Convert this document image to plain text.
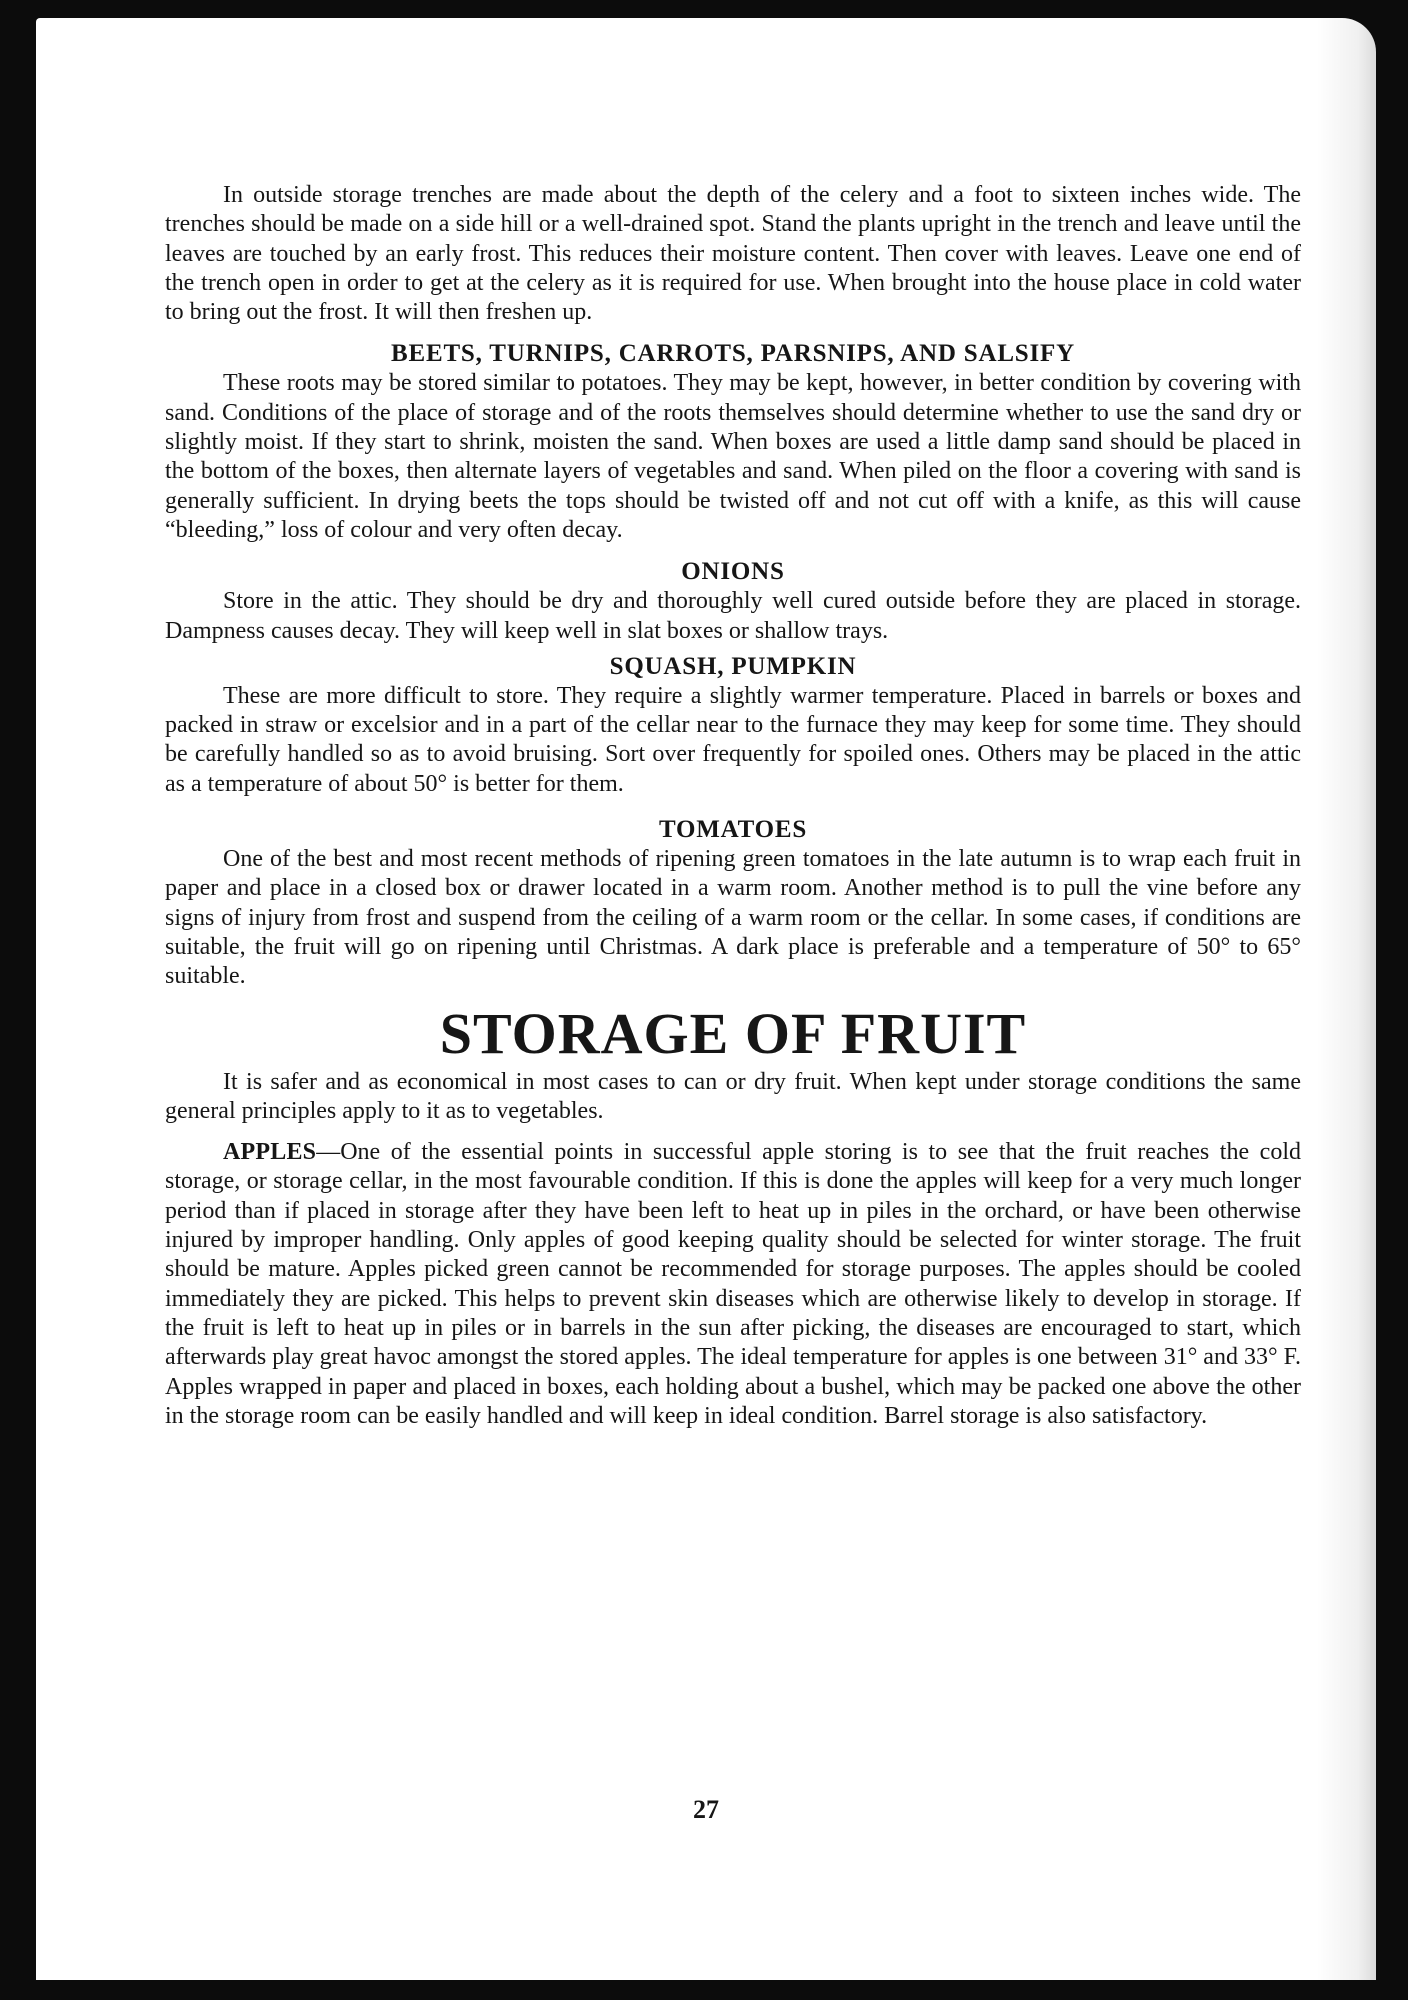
In outside storage trenches are made about the depth of the celery and a foot to sixteen inches wide. The trenches should be made on a side hill or a well-drained spot. Stand the plants upright in the trench and leave until the leaves are touched by an early frost. This reduces their moisture content. Then cover with leaves. Leave one end of the trench open in order to get at the celery as it is required for use. When brought into the house place in cold water to bring out the frost. It will then freshen up.

BEETS, TURNIPS, CARROTS, PARSNIPS, AND SALSIFY

These roots may be stored similar to potatoes. They may be kept, however, in better condition by covering with sand. Conditions of the place of storage and of the roots themselves should determine whether to use the sand dry or slightly moist. If they start to shrink, moisten the sand. When boxes are used a little damp sand should be placed in the bottom of the boxes, then alternate layers of vegetables and sand. When piled on the floor a covering with sand is generally sufficient. In drying beets the tops should be twisted off and not cut off with a knife, as this will cause “bleeding,” loss of colour and very often decay.

ONIONS

Store in the attic. They should be dry and thoroughly well cured outside before they are placed in storage. Dampness causes decay. They will keep well in slat boxes or shallow trays.

SQUASH, PUMPKIN

These are more difficult to store. They require a slightly warmer temperature. Placed in barrels or boxes and packed in straw or excelsior and in a part of the cellar near to the furnace they may keep for some time. They should be carefully handled so as to avoid bruising. Sort over frequently for spoiled ones. Others may be placed in the attic as a temperature of about 50° is better for them.

TOMATOES

One of the best and most recent methods of ripening green tomatoes in the late autumn is to wrap each fruit in paper and place in a closed box or drawer located in a warm room. Another method is to pull the vine before any signs of injury from frost and suspend from the ceiling of a warm room or the cellar. In some cases, if conditions are suitable, the fruit will go on ripening until Christmas. A dark place is preferable and a temperature of 50° to 65° suitable.

STORAGE OF FRUIT

It is safer and as economical in most cases to can or dry fruit. When kept under storage conditions the same general principles apply to it as to vegetables.

APPLES—One of the essential points in successful apple storing is to see that the fruit reaches the cold storage, or storage cellar, in the most favourable condition. If this is done the apples will keep for a very much longer period than if placed in storage after they have been left to heat up in piles in the orchard, or have been otherwise injured by improper handling. Only apples of good keeping quality should be selected for winter storage. The fruit should be mature. Apples picked green cannot be recommended for storage purposes. The apples should be cooled immediately they are picked. This helps to prevent skin diseases which are otherwise likely to develop in storage. If the fruit is left to heat up in piles or in barrels in the sun after picking, the diseases are encouraged to start, which afterwards play great havoc amongst the stored apples. The ideal temperature for apples is one between 31° and 33° F. Apples wrapped in paper and placed in boxes, each holding about a bushel, which may be packed one above the other in the storage room can be easily handled and will keep in ideal condition. Barrel storage is also satisfactory.

27
